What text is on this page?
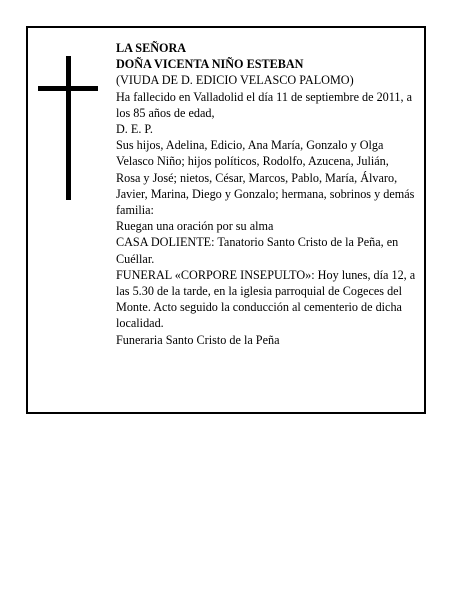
LA SEÑORA

DOÑA VICENTA NIÑO ESTEBAN

(VIUDA DE D. EDICIO VELASCO PALOMO)

Ha fallecido en Valladolid el día 11 de septiembre de 2011, a los 85 años de edad,

D. E. P.

Sus hijos, Adelina, Edicio, Ana María, Gonzalo y Olga Velasco Niño; hijos políticos, Rodolfo, Azucena, Julián, Rosa y José; nietos, César, Marcos, Pablo, María, Álvaro, Javier, Marina, Diego y Gonzalo; hermana, sobrinos y demás familia:

Ruegan una oración por su alma

CASA DOLIENTE: Tanatorio Santo Cristo de la Peña, en Cuéllar.

FUNERAL «CORPORE INSEPULTO»: Hoy lunes, día 12, a las 5.30 de la tarde, en la iglesia parroquial de Cogeces del Monte. Acto seguido la conducción al cementerio de dicha localidad.

Funeraria Santo Cristo de la Peña
